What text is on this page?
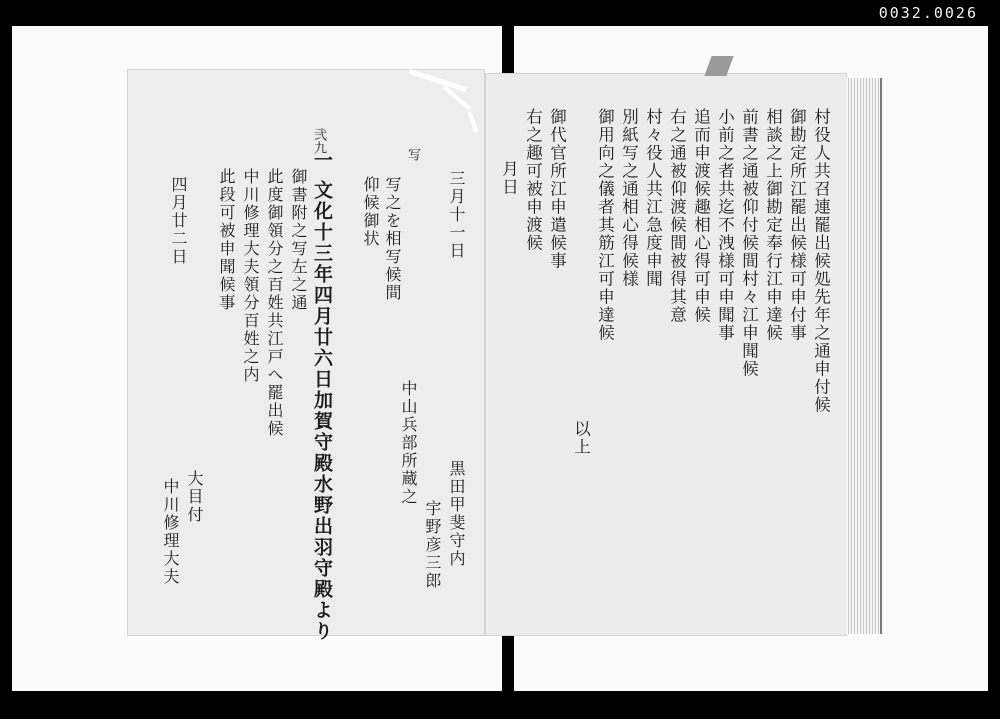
0032.0026
弐九
三月十一日
写
黒田甲斐守内
宇野彦三郎
中山兵部所蔵之
写之を相写候間
仰候御状
一 文化十三年四月廿六日加賀守殿水野出羽守殿より
御書附之写左之通
此度御領分之百姓共江戸へ罷出候
中川修理大夫領分百姓之内
此段可被申聞候事
四月廿二日
大目付
中川修理大夫
村役人共召連罷出候処先年之通申付候
御勘定所江罷出候様可申付事
相談之上御勘定奉行江申達候
前書之通被仰付候間村々江申聞候
小前之者共迄不洩様可申聞事
追而申渡候趣相心得可申候
右之通被仰渡候間被得其意
村々役人共江急度申聞
別紙写之通相心得候様
御用向之儀者其筋江可申達候
以上
御代官所江申遣候事
右之趣可被申渡候
月日
